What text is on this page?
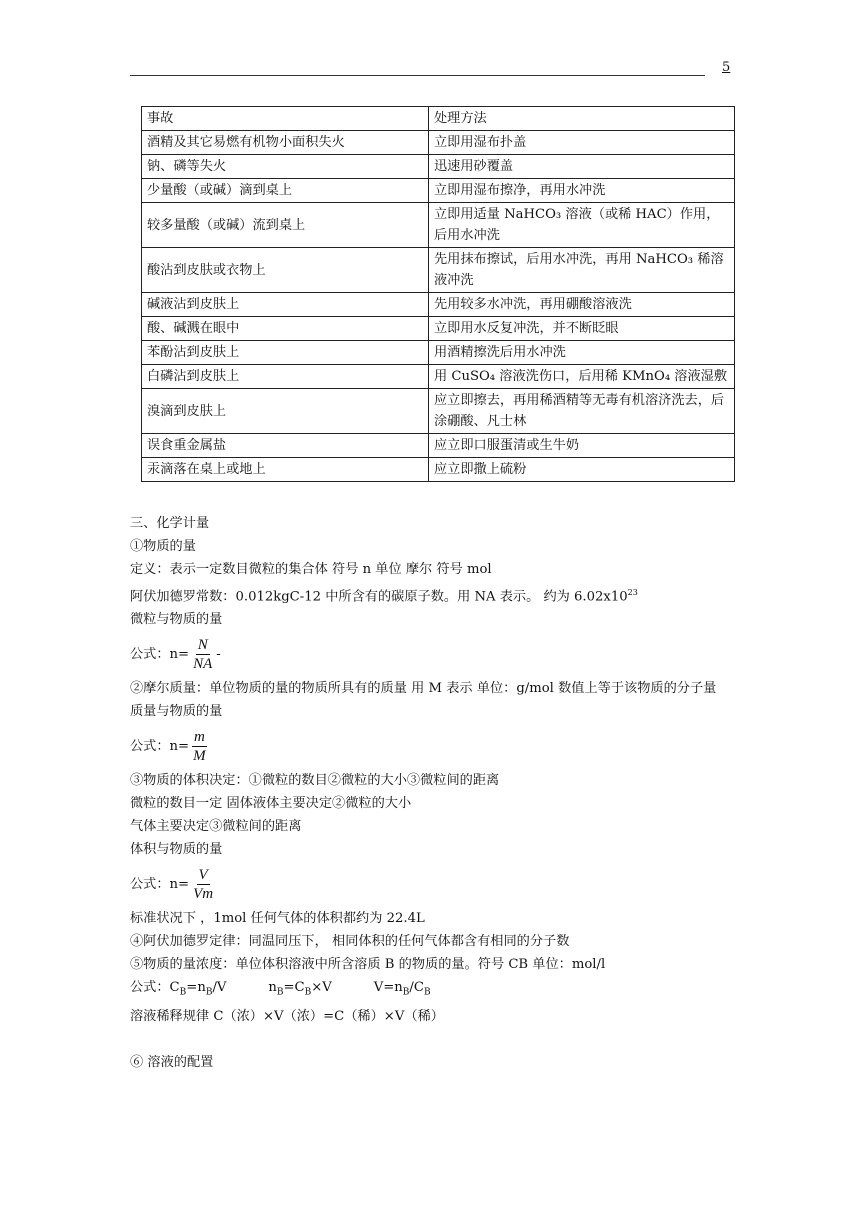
5
事故	处理方法
酒精及其它易燃有机物小面积失火	立即用湿布扑盖
钠、磷等失火	迅速用砂覆盖
少量酸（或碱）滴到桌上	立即用湿布擦净，再用水冲洗
较多量酸（或碱）流到桌上	立即用适量 NaHCO₃ 溶液（或稀 HAC）作用，后用水冲洗
酸沾到皮肤或衣物上	先用抹布擦试，后用水冲洗，再用 NaHCO₃ 稀溶液冲洗
碱液沾到皮肤上	先用较多水冲洗，再用硼酸溶液洗
酸、碱溅在眼中	立即用水反复冲洗，并不断眨眼
苯酚沾到皮肤上	用酒精擦洗后用水冲洗
白磷沾到皮肤上	用 CuSO₄ 溶液洗伤口，后用稀 KMnO₄ 溶液湿敷
溴滴到皮肤上	应立即擦去，再用稀酒精等无毒有机溶济洗去，后涂硼酸、凡士林
误食重金属盐	应立即口服蛋清或生牛奶
汞滴落在桌上或地上	应立即撒上硫粉
三、化学计量
①物质的量
定义：表示一定数目微粒的集合体 符号 n 单位 摩尔 符号 mol
阿伏加德罗常数：0.012kgC-12 中所含有的碳原子数。用 NA 表示。 约为 $6.02x10^{23}$
微粒与物质的量
公式：$n= \frac{N}{NA}$ -
②摩尔质量：单位物质的量的物质所具有的质量 用 M 表示 单位：g/mol 数值上等于该物质的分子量
质量与物质的量
公式：$n= \frac{m}{M}$
③物质的体积决定：①微粒的数目②微粒的大小③微粒间的距离
微粒的数目一定 固体液体主要决定②微粒的大小
气体主要决定③微粒间的距离
体积与物质的量
公式：$n= \frac{V}{Vm}$
标准状况下 ，1mol 任何气体的体积都约为 22.4L
④阿伏加德罗定律：同温同压下， 相同体积的任何气体都含有相同的分子数
⑤物质的量浓度：单位体积溶液中所含溶质 B 的物质的量。符号 CB 单位：mol/l
公式：$C_B=n_B/V$          $n_B=C_B\times V$          $V=n_B/C_B$
溶液稀释规律 C（浓）×V（浓）=C（稀）×V（稀）
⑥ 溶液的配置
